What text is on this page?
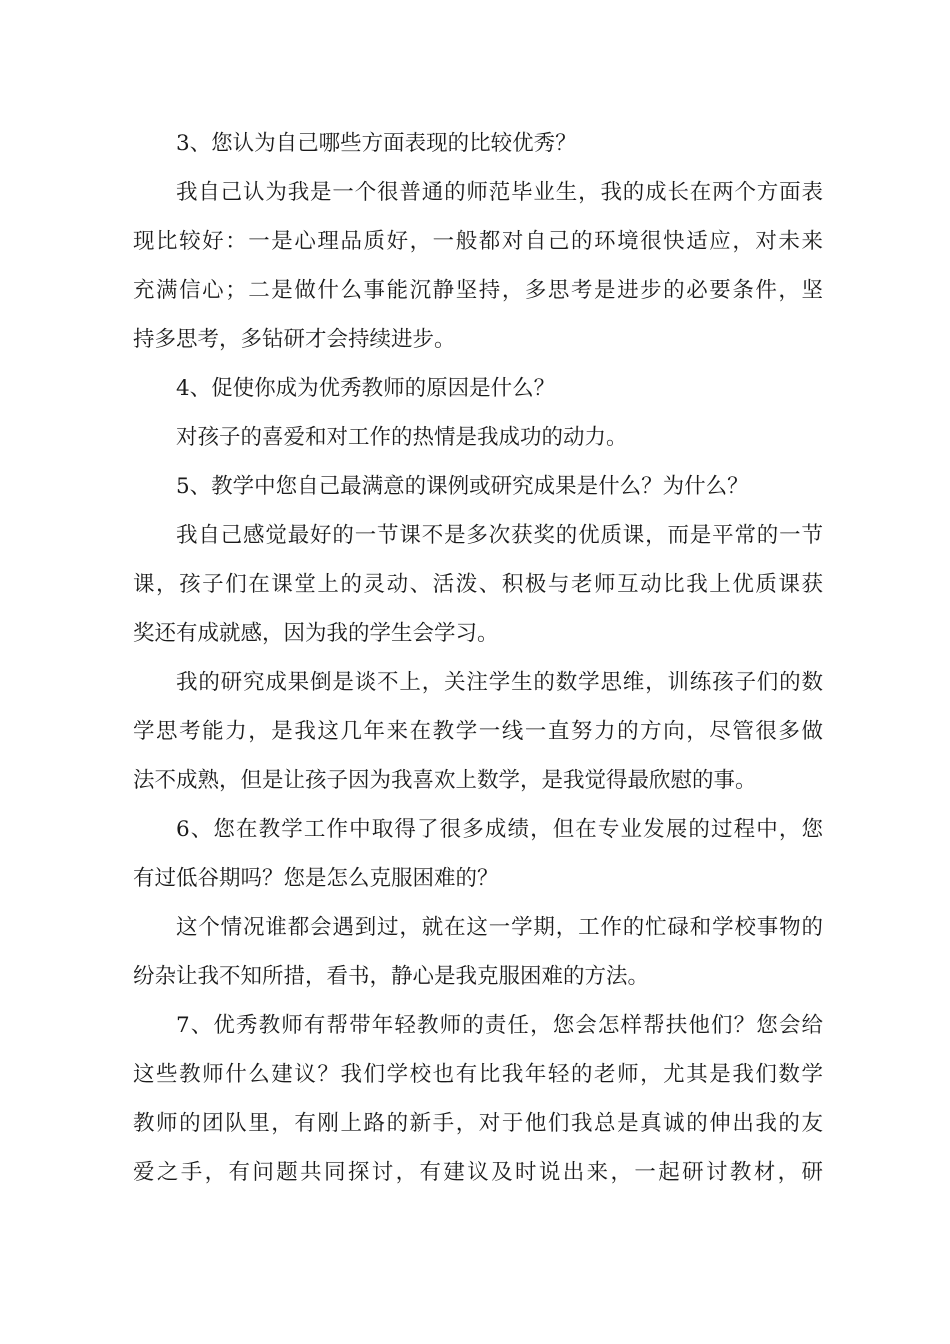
3、您认为自己哪些方面表现的比较优秀？
我自己认为我是一个很普通的师范毕业生，我的成长在两个方面表
现比较好：一是心理品质好，一般都对自己的环境很快适应，对未来
充满信心；二是做什么事能沉静坚持，多思考是进步的必要条件，坚
持多思考，多钻研才会持续进步。
4、促使你成为优秀教师的原因是什么？
对孩子的喜爱和对工作的热情是我成功的动力。
5、教学中您自己最满意的课例或研究成果是什么？为什么？
我自己感觉最好的一节课不是多次获奖的优质课，而是平常的一节
课，孩子们在课堂上的灵动、活泼、积极与老师互动比我上优质课获
奖还有成就感，因为我的学生会学习。
我的研究成果倒是谈不上，关注学生的数学思维，训练孩子们的数
学思考能力，是我这几年来在教学一线一直努力的方向，尽管很多做
法不成熟，但是让孩子因为我喜欢上数学，是我觉得最欣慰的事。
6、您在教学工作中取得了很多成绩，但在专业发展的过程中，您
有过低谷期吗？您是怎么克服困难的？
这个情况谁都会遇到过，就在这一学期，工作的忙碌和学校事物的
纷杂让我不知所措，看书，静心是我克服困难的方法。
7、优秀教师有帮带年轻教师的责任，您会怎样帮扶他们？您会给
这些教师什么建议？我们学校也有比我年轻的老师，尤其是我们数学
教师的团队里，有刚上路的新手，对于他们我总是真诚的伸出我的友
爱之手，有问题共同探讨，有建议及时说出来，一起研讨教材，研
